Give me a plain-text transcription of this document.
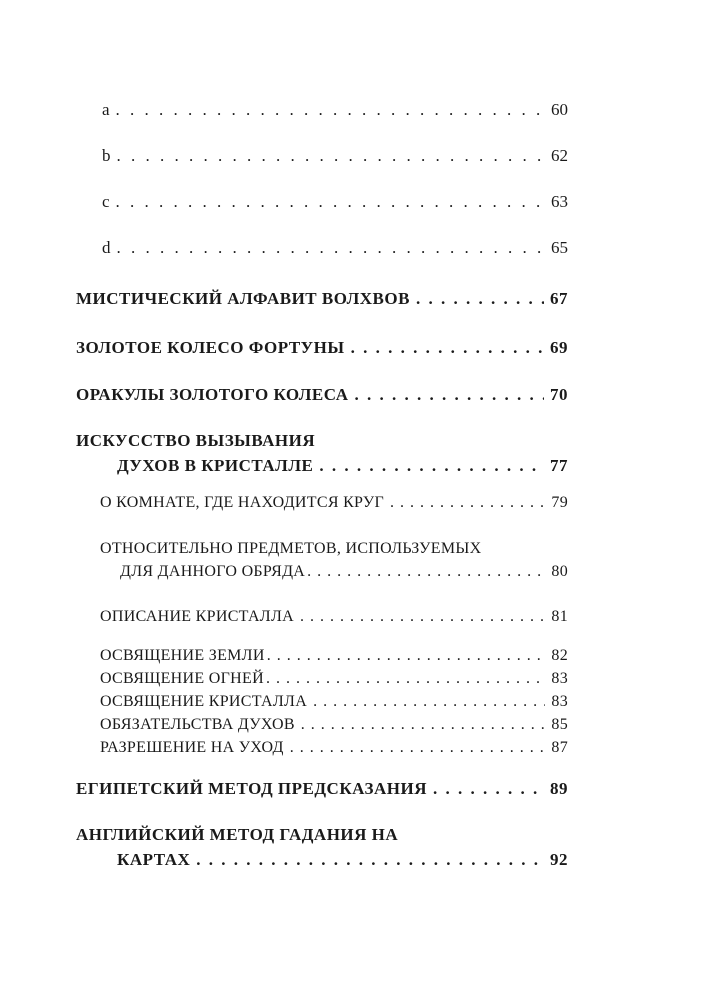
a . . .	60
b . . .	62
c . . .	63
d . . .	65
МИСТИЧЕСКИЙ АЛФАВИТ ВОЛХВОВ . . .	67
ЗОЛОТОЕ КОЛЕСО ФОРТУНЫ . . .	69
ОРАКУЛЫ ЗОЛОТОГО КОЛЕСА . . .	70
ИСКУССТВО ВЫЗЫВАНИЯ
ДУХОВ В КРИСТАЛЛЕ . . .	77
О КОМНАТЕ, ГДЕ НАХОДИТСЯ КРУГ . . .	79
ОТНОСИТЕЛЬНО ПРЕДМЕТОВ, ИСПОЛЬЗУЕМЫХ
ДЛЯ ДАННОГО ОБРЯДА . . .	80
ОПИСАНИЕ КРИСТАЛЛА . . .	81
ОСВЯЩЕНИЕ ЗЕМЛИ . . .	82
ОСВЯЩЕНИЕ ОГНЕЙ . . .	83
ОСВЯЩЕНИЕ КРИСТАЛЛА . . .	83
ОБЯЗАТЕЛЬСТВА ДУХОВ . . .	85
РАЗРЕШЕНИЕ НА УХОД . . .	87
ЕГИПЕТСКИЙ МЕТОД ПРЕДСКАЗАНИЯ . . .	89
АНГЛИЙСКИЙ МЕТОД ГАДАНИЯ НА
КАРТАХ . . .	92
